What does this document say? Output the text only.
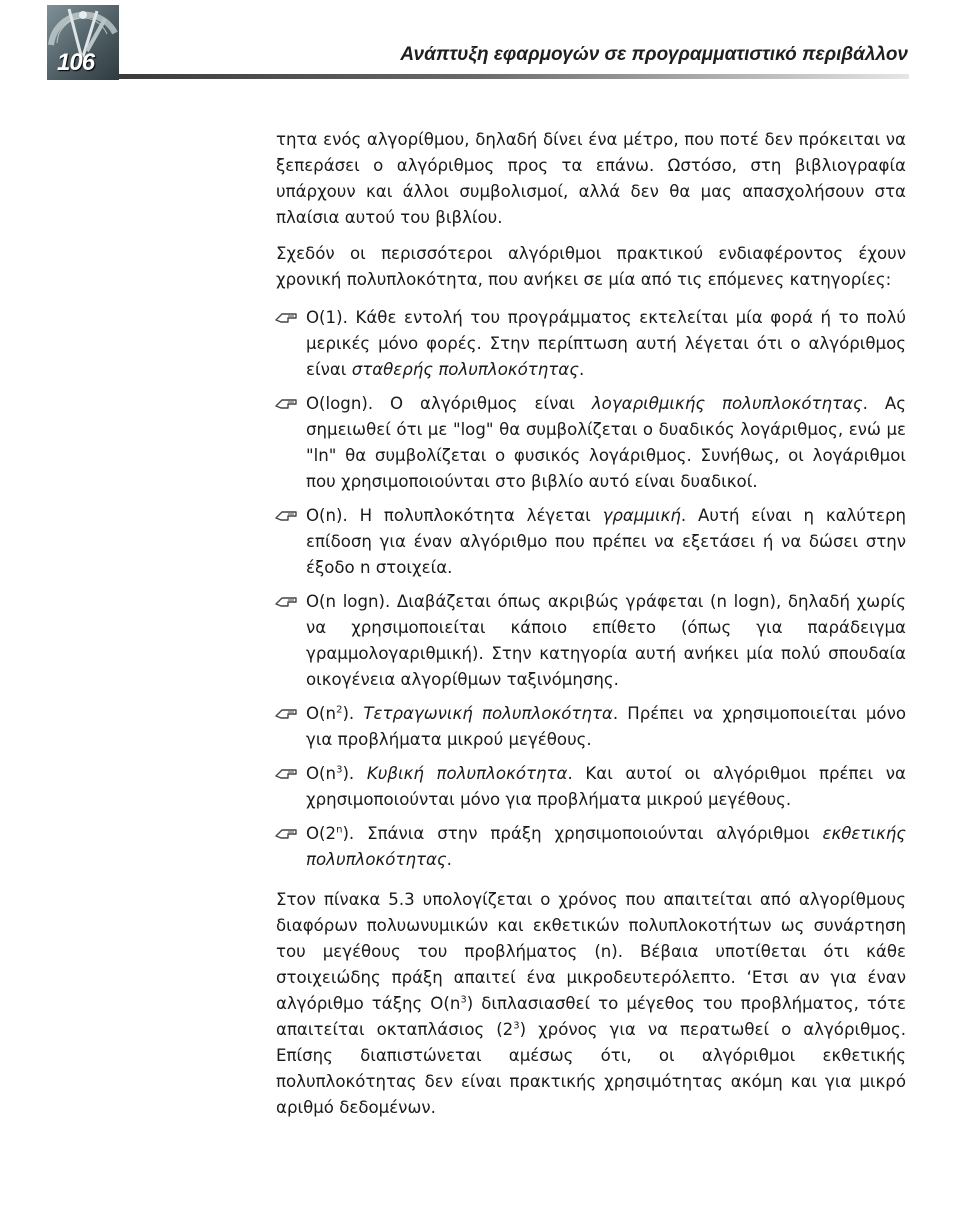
106	Ανάπτυξη εφαρμογών σε προγραμματιστικό περιβάλλον

τητα ενός αλγορίθμου, δηλαδή δίνει ένα μέτρο, που ποτέ δεν πρόκειται να ξεπεράσει ο αλγόριθμος προς τα επάνω. Ωστόσο, στη βιβλιογραφία υπάρχουν και άλλοι συμβολισμοί, αλλά δεν θα μας απασχολήσουν στα πλαίσια αυτού του βιβλίου.

Σχεδόν οι περισσότεροι αλγόριθμοι πρακτικού ενδιαφέροντος έχουν χρονική πολυπλοκότητα, που ανήκει σε μία από τις επόμενες κατηγορίες:

O(1). Κάθε εντολή του προγράμματος εκτελείται μία φορά ή το πολύ μερικές μόνο φορές. Στην περίπτωση αυτή λέγεται ότι ο αλγόριθμος είναι σταθερής πολυπλοκότητας.
O(logn). Ο αλγόριθμος είναι λογαριθμικής πολυπλοκότητας. Ας σημειωθεί ότι με "log" θα συμβολίζεται ο δυαδικός λογάριθμος, ενώ με "ln" θα συμβολίζεται ο φυσικός λογάριθμος. Συνήθως, οι λογάριθμοι που χρησιμοποιούνται στο βιβλίο αυτό είναι δυαδικοί.
O(n). Η πολυπλοκότητα λέγεται γραμμική. Αυτή είναι η καλύτερη επίδοση για έναν αλγόριθμο που πρέπει να εξετάσει ή να δώσει στην έξοδο n στοιχεία.
O(n logn). Διαβάζεται όπως ακριβώς γράφεται (n logn), δηλαδή χωρίς να χρησιμοποιείται κάποιο επίθετο (όπως για παράδειγμα γραμμολογαριθμική). Στην κατηγορία αυτή ανήκει μία πολύ σπουδαία οικογένεια αλγορίθμων ταξινόμησης.
$O(n^2)$. Τετραγωνική πολυπλοκότητα. Πρέπει να χρησιμοποιείται μόνο για προβλήματα μικρού μεγέθους.
$O(n^3)$. Κυβική πολυπλοκότητα. Και αυτοί οι αλγόριθμοι πρέπει να χρησιμοποιούνται μόνο για προβλήματα μικρού μεγέθους.
O(2$^n$). Σπάνια στην πράξη χρησιμοποιούνται αλγόριθμοι εκθετικής πολυπλοκότητας.

Στον πίνακα 5.3 υπολογίζεται ο χρόνος που απαιτείται από αλγορίθμους διαφόρων πολυωνυμικών και εκθετικών πολυπλοκοτήτων ως συνάρτηση του μεγέθους του προβλήματος (n). Βέβαια υποτίθεται ότι κάθε στοιχειώδης πράξη απαιτεί ένα μικροδευτερόλεπτο. ‘Ετσι αν για έναν αλγόριθμο τάξης $O(n^3)$ διπλασιασθεί το μέγεθος του προβλήματος, τότε απαιτείται οκταπλάσιος $(2^3)$ χρόνος για να περατωθεί ο αλγόριθμος. Επίσης διαπιστώνεται αμέσως ότι, οι αλγόριθμοι εκθετικής πολυπλοκότητας δεν είναι πρακτικής χρησιμότητας ακόμη και για μικρό αριθμό δεδομένων.
